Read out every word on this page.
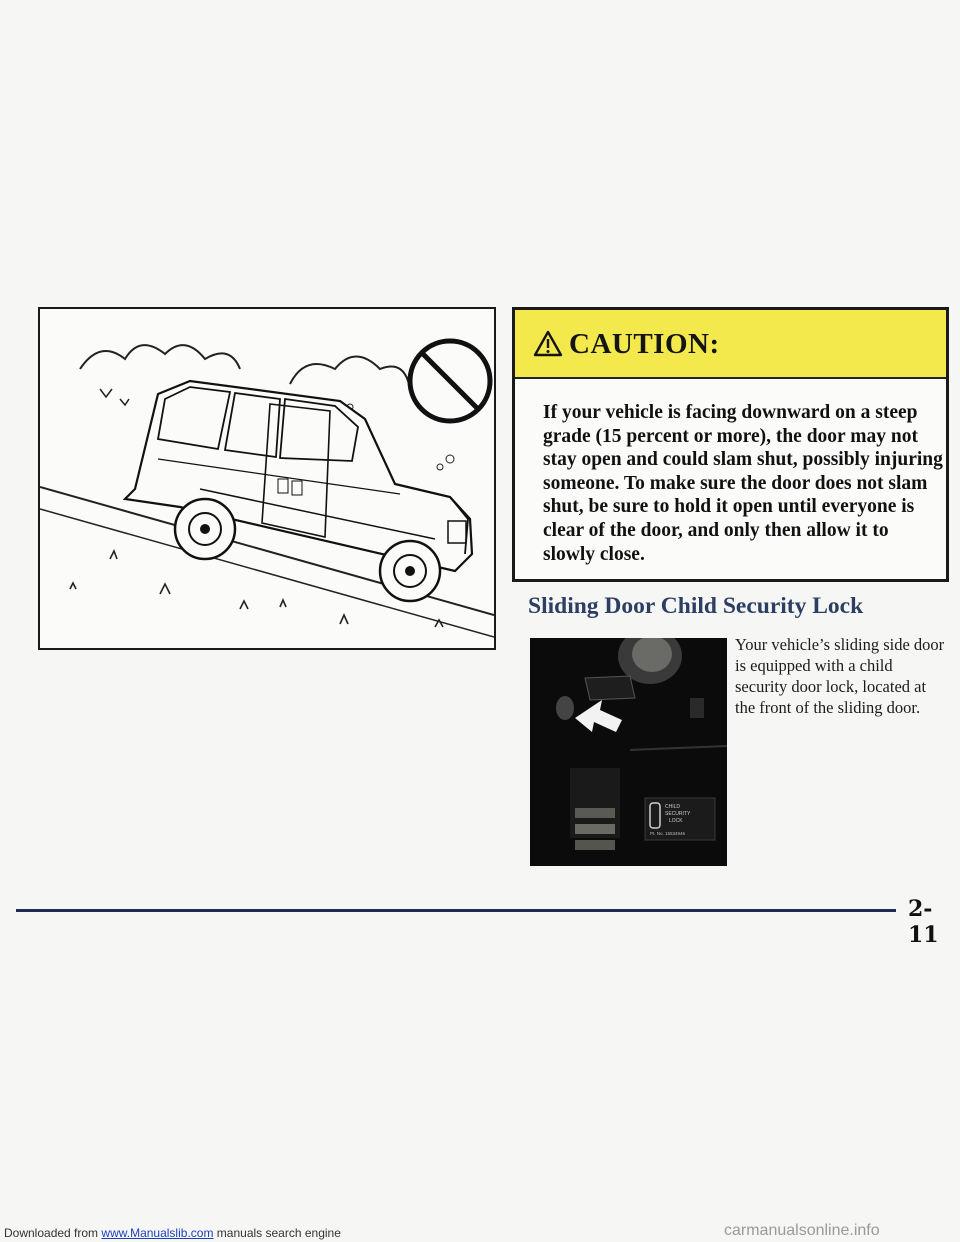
CAUTION:
If your vehicle is facing downward on a steep grade (15 percent or more), the door may not stay open and could slam shut, possibly injuring someone. To make sure the door does not slam shut, be sure to hold it open until everyone is clear of the door, and only then allow it to slowly close.
Sliding Door Child Security Lock
CHILD
SECURITY
LOCK
Pt. No. 15534946
Your vehicle’s sliding side door is equipped with a child security door lock, located at the front of the sliding door.
2-11
Downloaded from www.Manualslib.com manuals search engine	carmanualsonline.info
